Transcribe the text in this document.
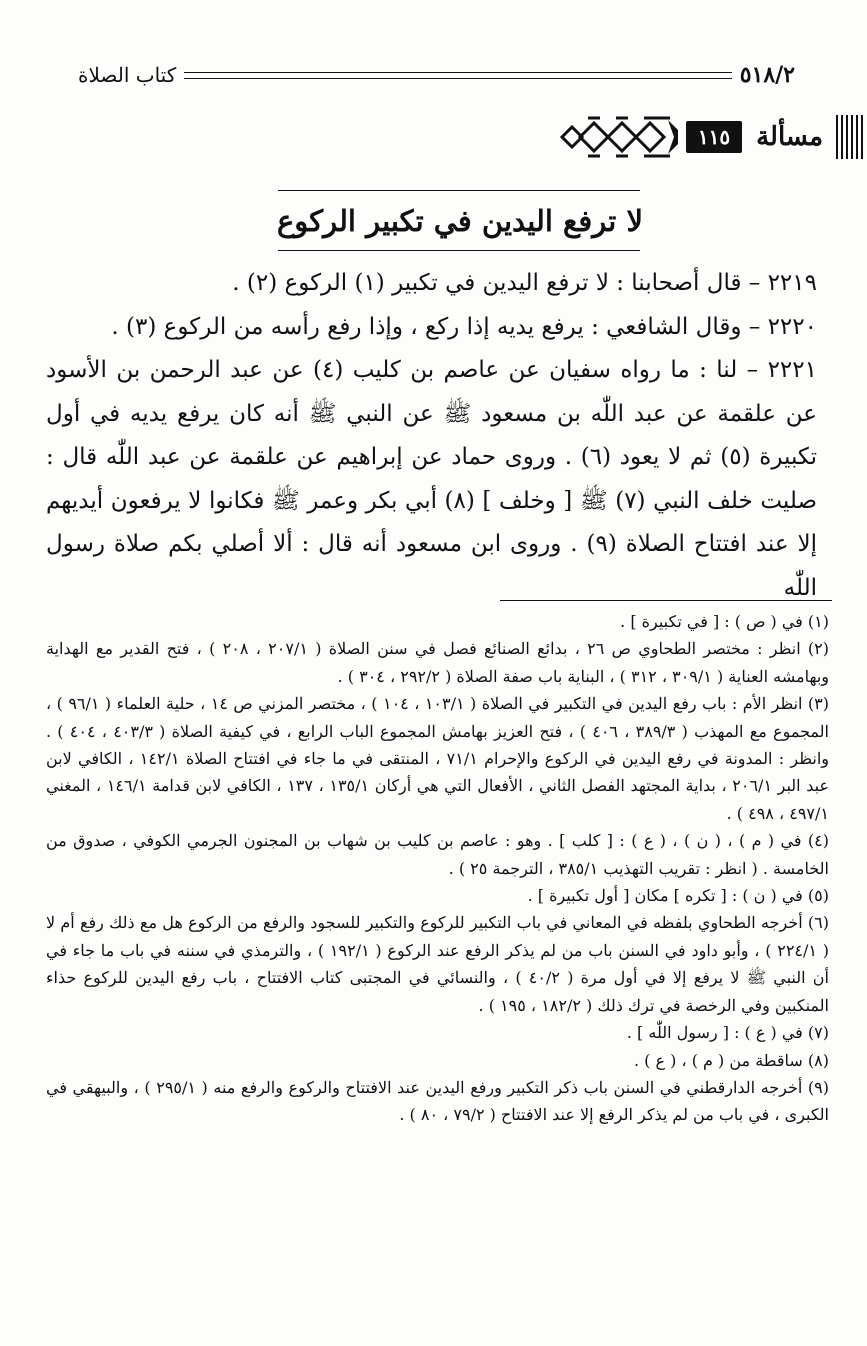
٥١٨/٢
كتاب الصلاة
مسألة
١١٥
لا ترفع اليدين في تكبير الركوع

٢٢١٩ – قال أصحابنا : لا ترفع اليدين في تكبير (١) الركوع (٢) .

٢٢٢٠ – وقال الشافعي : يرفع يديه إذا ركع ، وإذا رفع رأسه من الركوع (٣) .

٢٢٢١ – لنا : ما رواه سفيان عن عاصم بن كليب (٤) عن عبد الرحمن بن الأسود عن علقمة عن عبد اللّٰه بن مسعود ﷺ عن النبي ﷺ أنه كان يرفع يديه في أول تكبيرة (٥) ثم لا يعود (٦) . وروى حماد عن إبراهيم عن علقمة عن عبد اللّٰه قال : صليت خلف النبي (٧) ﷺ [ وخلف ] (٨) أبي بكر وعمر ﷺ فكانوا لا يرفعون أيديهم إلا عند افتتاح الصلاة (٩) . وروى ابن مسعود أنه قال : ألا أصلي بكم صلاة رسول اللّٰه

(١) في ( ص ) : [ في تكبيرة ] .

(٢) انظر : مختصر الطحاوي ص ٢٦ ، بدائع الصنائع فصل في سنن الصلاة ( ٢٠٧/١ ، ٢٠٨ ) ، فتح القدير مع الهداية وبهامشه العناية ( ٣٠٩/١ ، ٣١٢ ) ، البناية باب صفة الصلاة ( ٢٩٢/٢ ، ٣٠٤ ) .

(٣) انظر الأم : باب رفع اليدين في التكبير في الصلاة ( ١٠٣/١ ، ١٠٤ ) ، مختصر المزني ص ١٤ ، حلية العلماء ( ٩٦/١ ) ، المجموع مع المهذب ( ٣٨٩/٣ ، ٤٠٦ ) ، فتح العزيز بهامش المجموع الباب الرابع ، في كيفية الصلاة ( ٤٠٣/٣ ، ٤٠٤ ) . وانظر : المدونة في رفع اليدين في الركوع والإحرام ٧١/١ ، المنتقى في ما جاء في افتتاح الصلاة ١٤٢/١ ، الكافي لابن عبد البر ٢٠٦/١ ، بداية المجتهد الفصل الثاني ، الأفعال التي هي أركان ١٣٥/١ ، ١٣٧ ، الكافي لابن قدامة ١٤٦/١ ، المغني ٤٩٧/١ ، ٤٩٨ ) .

(٤) في ( م ) ، ( ن ) ، ( ع ) : [ كلب ] . وهو : عاصم بن كليب بن شهاب بن المجنون الجرمي الكوفي ، صدوق من الخامسة . ( انظر : تقريب التهذيب ٣٨٥/١ ، الترجمة ٢٥ ) .

(٥) في ( ن ) : [ تكره ] مكان [ أول تكبيرة ] .

(٦) أخرجه الطحاوي بلفظه في المعاني في باب التكبير للركوع والتكبير للسجود والرفع من الركوع هل مع ذلك رفع أم لا ( ٢٢٤/١ ) ، وأبو داود في السنن باب من لم يذكر الرفع عند الركوع ( ١٩٢/١ ) ، والترمذي في سننه في باب ما جاء في أن النبي ﷺ لا يرفع إلا في أول مرة ( ٤٠/٢ ) ، والنسائي في المجتبى كتاب الافتتاح ، باب رفع اليدين للركوع حذاء المنكبين وفي الرخصة في ترك ذلك ( ١٨٢/٢ ، ١٩٥ ) .

(٧) في ( ع ) : [ رسول اللّٰه ] .

(٨) ساقطة من ( م ) ، ( ع ) .

(٩) أخرجه الدارقطني في السنن باب ذكر التكبير ورفع اليدين عند الافتتاح والركوع والرفع منه ( ٢٩٥/١ ) ، والبيهقي في الكبرى ، في باب من لم يذكر الرفع إلا عند الافتتاح ( ٧٩/٢ ، ٨٠ ) .
